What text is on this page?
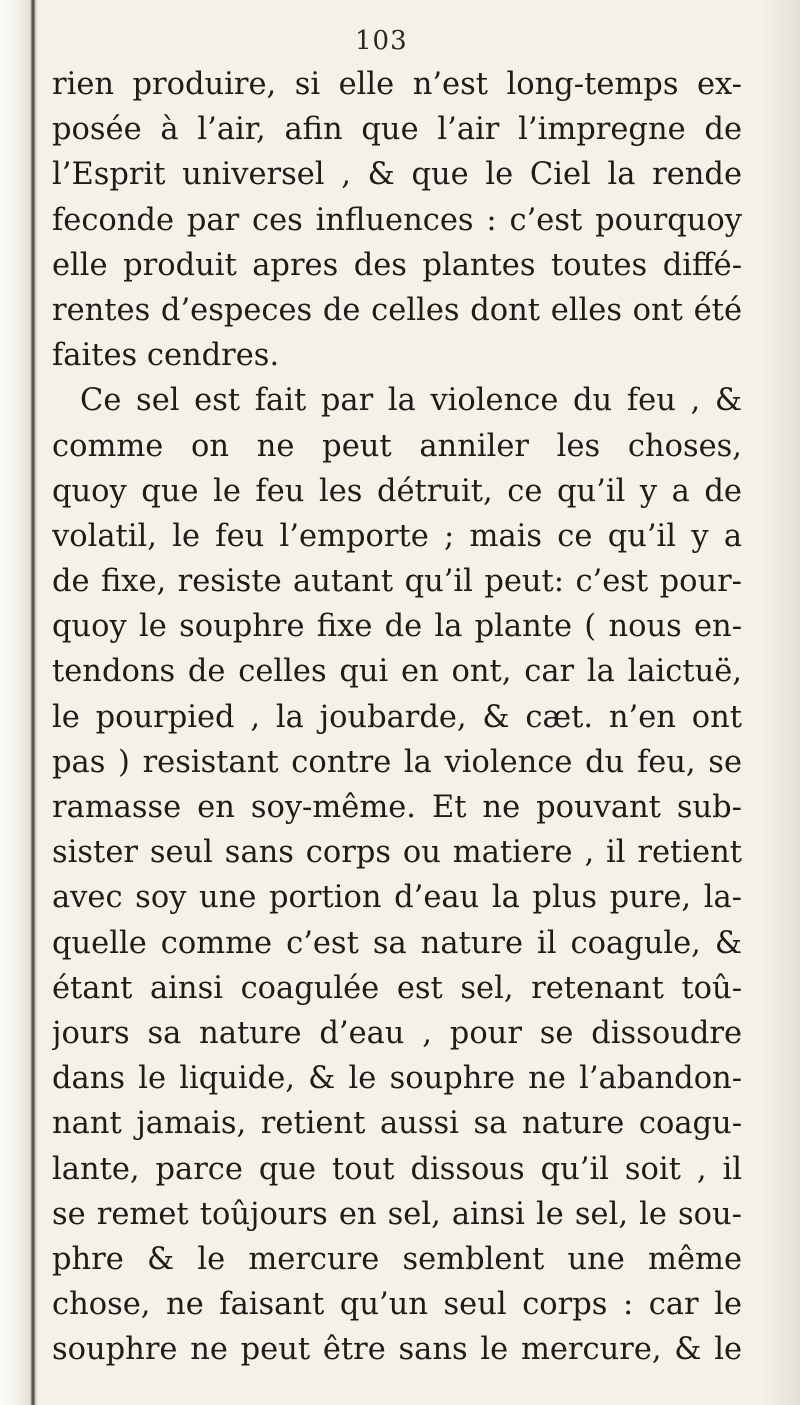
103
rien produire, si elle n’est long-temps ex-
posée à l’air, afin que l’air l’impregne de
l’Esprit universel , & que le Ciel la rende
feconde par ces influences : c’est pourquoy
elle produit apres des plantes toutes diffé-
rentes d’especes de celles dont elles ont été
faites cendres.
Ce sel est fait par la violence du feu , &
comme on ne peut anniler les choses,
quoy que le feu les détruit, ce qu’il y a de
volatil, le feu l’emporte ; mais ce qu’il y a
de fixe, resiste autant qu’il peut: c’est pour-
quoy le souphre fixe de la plante ( nous en-
tendons de celles qui en ont, car la laictuë,
le pourpied , la joubarde, & cæt. n’en ont
pas ) resistant contre la violence du feu, se
ramasse en soy-même. Et ne pouvant sub-
sister seul sans corps ou matiere , il retient
avec soy une portion d’eau la plus pure, la-
quelle comme c’est sa nature il coagule, &
étant ainsi coagulée est sel, retenant toû-
jours sa nature d’eau , pour se dissoudre
dans le liquide, & le souphre ne l’abandon-
nant jamais, retient aussi sa nature coagu-
lante, parce que tout dissous qu’il soit , il
se remet toûjours en sel, ainsi le sel, le sou-
phre & le mercure semblent une même
chose, ne faisant qu’un seul corps : car le
souphre ne peut être sans le mercure, & le
